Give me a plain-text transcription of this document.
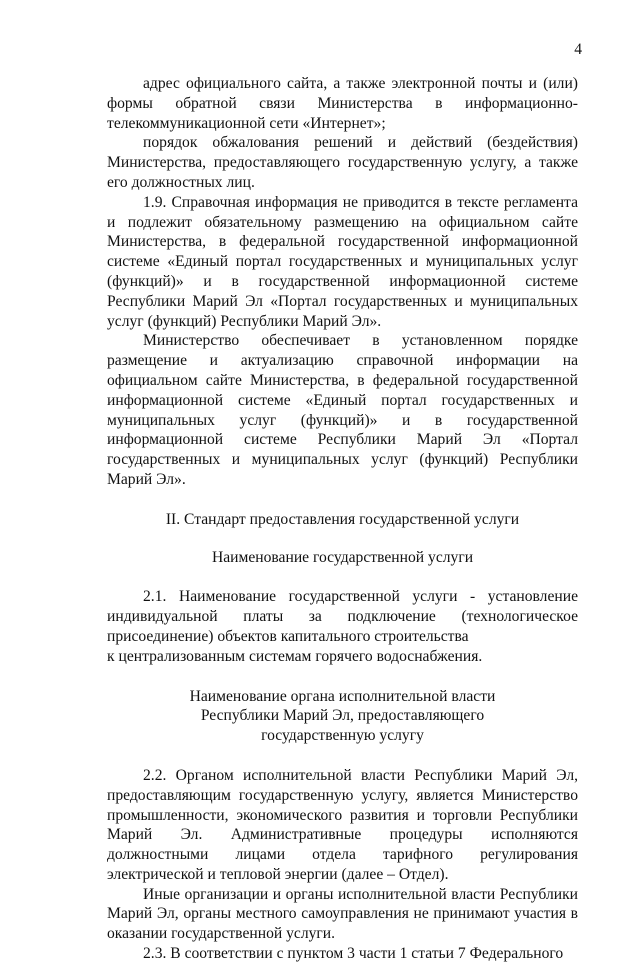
4

адрес официального сайта, а также электронной почты и (или) формы обратной связи Министерства в информационно-телекоммуникационной сети «Интернет»;

порядок обжалования решений и действий (бездействия) Министерства, предоставляющего государственную услугу, а также его должностных лиц.

1.9. Справочная информация не приводится в тексте регламента и подлежит обязательному размещению на официальном сайте Министерства, в федеральной государственной информационной системе «Единый портал государственных и муниципальных услуг (функций)» и в государственной информационной системе Республики Марий Эл «Портал государственных и муниципальных услуг (функций) Республики Марий Эл».

Министерство обеспечивает в установленном порядке размещение и актуализацию справочной информации на официальном сайте Министерства, в федеральной государственной информационной системе «Единый портал государственных и муниципальных услуг (функций)» и в государственной информационной системе Республики Марий Эл «Портал государственных и муниципальных услуг (функций) Республики Марий Эл».

II. Стандарт предоставления государственной услуги

Наименование государственной услуги

2.1. Наименование государственной услуги - установление индивидуальной платы за подключение (технологическое присоединение) объектов капитального строительства

к централизованным системам горячего водоснабжения.

Наименование органа исполнительной власти

Республики Марий Эл, предоставляющего

государственную услугу

2.2. Органом исполнительной власти Республики Марий Эл, предоставляющим государственную услугу, является Министерство промышленности, экономического развития и торговли Республики Марий Эл. Административные процедуры исполняются должностными лицами отдела тарифного регулирования электрической и тепловой энергии (далее – Отдел).

Иные организации и органы исполнительной власти Республики Марий Эл, органы местного самоуправления не принимают участия в оказании государственной услуги.

2.3. В соответствии с пунктом 3 части 1 статьи 7 Федерального
